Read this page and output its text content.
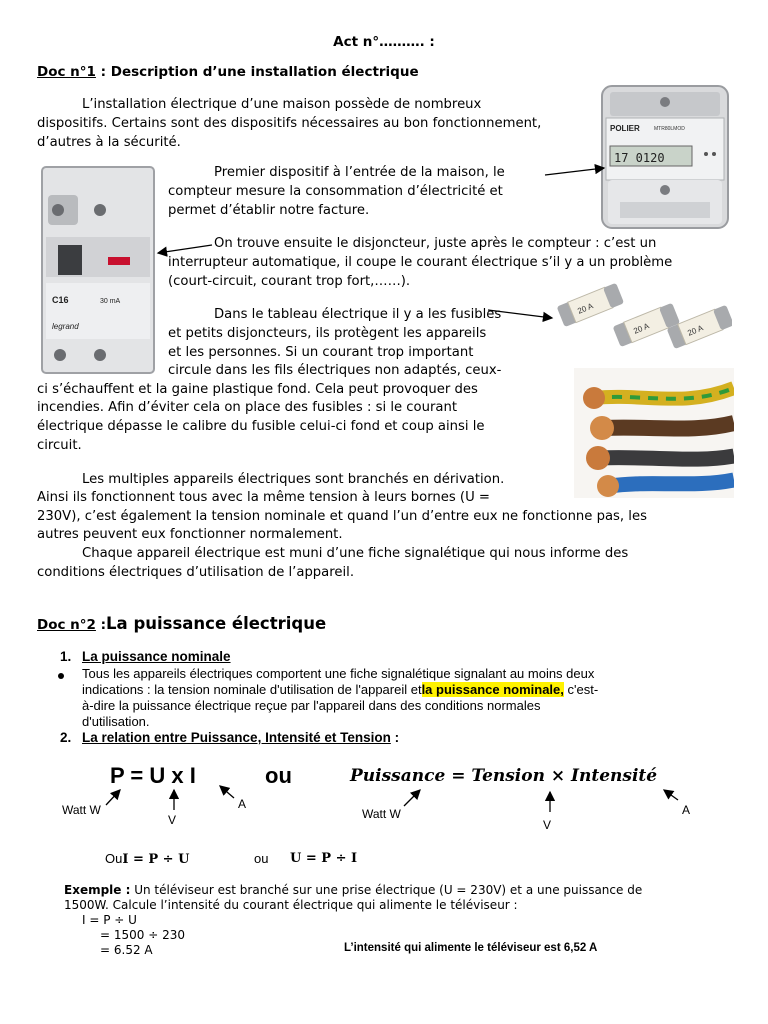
Act n°………. :
Doc n°1 : Description d’une installation électrique
L’installation électrique d’une maison possède de nombreux
dispositifs. Certains sont des dispositifs nécessaires au bon fonctionnement,
d’autres à la sécurité.
Premier dispositif à l’entrée de la maison, le
compteur mesure la consommation d’électricité et
permet d’établir notre facture.
On trouve ensuite le disjoncteur, juste après le compteur : c’est un
interrupteur automatique, il coupe le courant électrique s’il y a un problème
(court-circuit, courant trop fort,……).
Dans le tableau électrique il y a les fusibles
et petits disjoncteurs, ils protègent les appareils
et les personnes. Si un courant trop important
circule dans les fils électriques non adaptés, ceux-
ci s’échauffent et la gaine plastique fond. Cela peut provoquer des
incendies. Afin d’éviter cela on place des fusibles : si le courant
électrique dépasse le calibre du fusible celui-ci fond et coup ainsi le
circuit.
Les multiples appareils électriques sont branchés en dérivation.
Ainsi ils fonctionnent tous avec la même tension à leurs bornes (U =
230V), c’est également la tension nominale et quand l’un d’entre eux ne fonctionne pas, les
autres peuvent eux fonctionner normalement.
Chaque appareil électrique est muni d’une fiche signalétique qui nous informe des
conditions électriques d’utilisation de l’appareil.
POLIER	MTR80LMOD
17 0120
C16	30 mA
legrand
20 A
20 A	20 A
Doc n°2 :La puissance électrique
1. La puissance nominale
Tous les appareils électriques comportent une fiche signalétique signalant au moins deux
indications : la tension nominale d'utilisation de l'appareil etla puissance nominale, c'est-
à-dire la puissance électrique reçue par l'appareil dans des conditions normales
d'utilisation.
2. La relation entre Puissance, Intensité et Tension :
P = U x I	ou	Puissance = Tension × Intensité
Watt W
V
A
Watt W
V
A
OuI = P ÷ U	ou U = P ÷ I
Exemple : Un téléviseur est branché sur une prise électrique (U = 230V) et a une puissance de
1500W. Calcule l’intensité du courant électrique qui alimente le téléviseur :
I = P ÷ U
= 1500 ÷ 230
= 6.52 A	L’intensité qui alimente le téléviseur est 6,52 A
